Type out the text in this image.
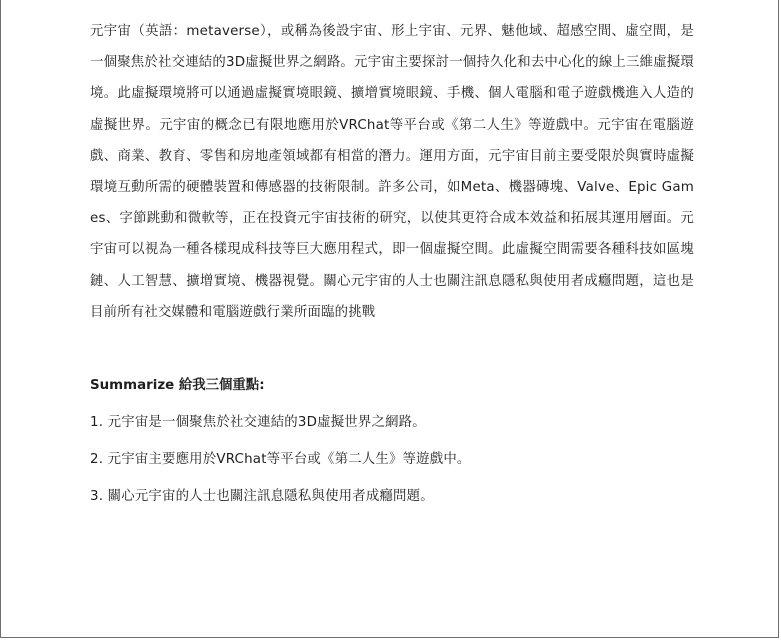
元宇宙（英語：metaverse），或稱為後設宇宙、形上宇宙、元界、魅他域、超感空間、虛空間，是一個聚焦於社交連結的3D虛擬世界之網路。元宇宙主要探討一個持久化和去中心化的線上三維虛擬環境。此虛擬環境將可以通過虛擬實境眼鏡、擴增實境眼鏡、手機、個人電腦和電子遊戲機進入人造的虛擬世界。元宇宙的概念已有限地應用於VRChat等平台或《第二人生》等遊戲中。元宇宙在電腦遊戲、商業、教育、零售和房地產領域都有相當的潛力。運用方面，元宇宙目前主要受限於與實時虛擬環境互動所需的硬體裝置和傳感器的技術限制。許多公司，如Meta、機器磚塊、Valve、Epic Games、字節跳動和微軟等，正在投資元宇宙技術的研究，以使其更符合成本效益和拓展其運用層面。元宇宙可以視為一種各樣現成科技等巨大應用程式，即一個虛擬空間。此虛擬空間需要各種科技如區塊鏈、人工智慧、擴增實境、機器視覺。關心元宇宙的人士也關注訊息隱私與使用者成癮問題，這也是目前所有社交媒體和電腦遊戲行業所面臨的挑戰

Summarize 給我三個重點:
1. 元宇宙是一個聚焦於社交連結的3D虛擬世界之網路。
2. 元宇宙主要應用於VRChat等平台或《第二人生》等遊戲中。
3. 關心元宇宙的人士也關注訊息隱私與使用者成癮問題。
